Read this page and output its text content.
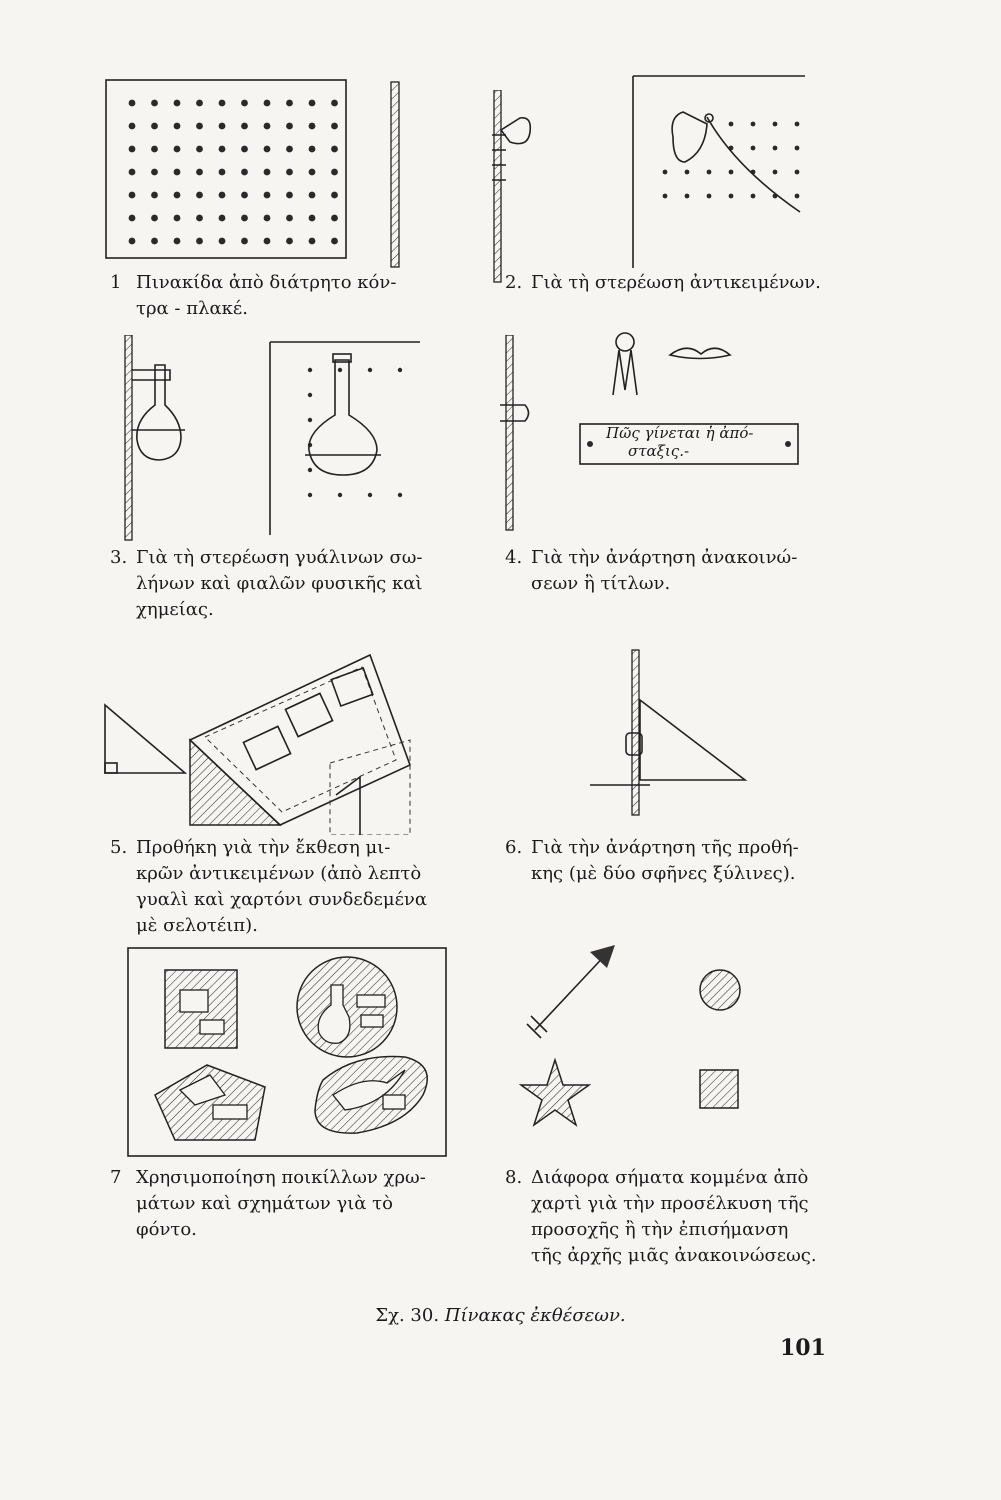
1 Πινακίδα ἀπὸ διάτρητο κόν-
τρα - πλακέ.

2. Γιὰ τὴ στερέωση ἀντικειμένων.

3. Γιὰ τὴ στερέωση γυάλινων σω-
λήνων καὶ φιαλῶν φυσικῆς καὶ
χημείας.

Πῶς γίνεται ἡ ἀπό-
σταξις.-

4. Γιὰ τὴν ἀνάρτηση ἀνακοινώ-
σεων ἢ τίτλων.

5. Προθήκη γιὰ τὴν ἔκθεση μι-
κρῶν ἀντικειμένων (ἀπὸ λεπτὸ
γυαλὶ καὶ χαρτόνι συνδεδεμένα
μὲ σελοτέιπ).

6. Γιὰ τὴν ἀνάρτηση τῆς προθή-
κης (μὲ δύο σφῆνες ξύλινες).

7 Χρησιμοποίηση ποικίλλων χρω-
μάτων καὶ σχημάτων γιὰ τὸ
φόντο.

8. Διάφορα σήματα κομμένα ἀπὸ
χαρτὶ γιὰ τὴν προσέλκυση τῆς
προσοχῆς ἢ τὴν ἐπισήμανση
τῆς ἀρχῆς μιᾶς ἀνακοινώσεως.

Σχ. 30. Πίνακας ἐκθέσεων.
101
